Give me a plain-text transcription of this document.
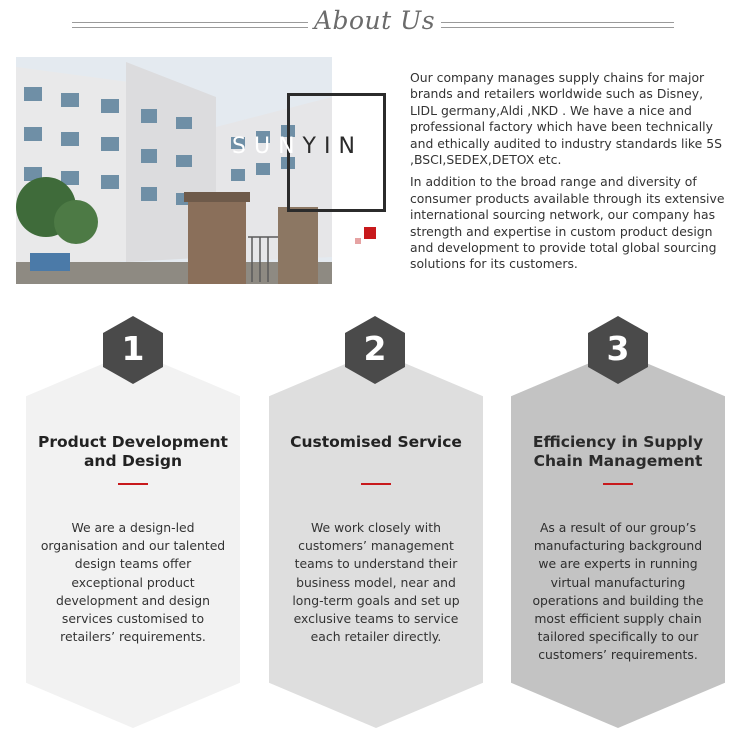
About Us
SUNYIN

Our company manages supply chains for major brands and retailers worldwide such as Disney, LIDL germany,Aldi ,NKD . We have a nice and professional factory which have been technically and ethically audited to industry standards like 5S ,BSCI,SEDEX,DETOX etc.

In addition to the broad range and diversity of consumer products available through its extensive international sourcing network, our company has strength and expertise in custom product design and development to provide total global sourcing solutions for its customers.

Product Development
and Design
We are a design-led organisation and our talented design teams offer exceptional product development and design services customised to retailers’ requirements.
1
Customised Service
We work closely with customers’ management teams to understand their business model, near and long-term goals and set up exclusive teams to service each retailer directly.
2
Efficiency in Supply
Chain Management
As a result of our group’s manufacturing background we are experts in running virtual manufacturing operations and building the most efficient supply chain tailored specifically to our customers’ requirements.
3
